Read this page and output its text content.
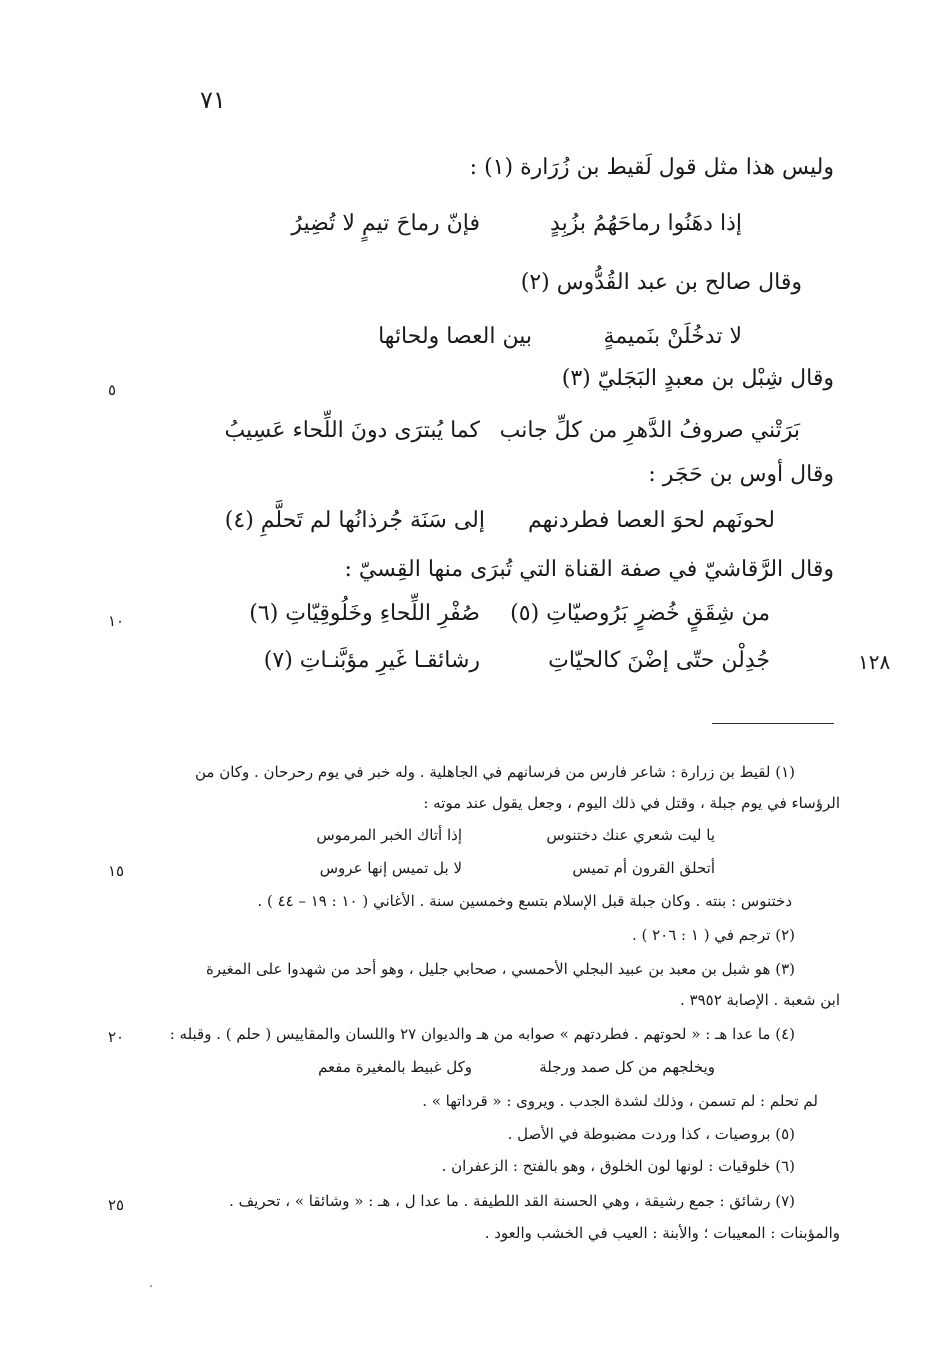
٧١
١٢٨
٥
١٠
١٥
٢٠
٢٥
وليس هذا مثل قول لَقيط بن زُرَارة (١) :
إذا دهَنُوا رماحَهُمُ بزُبِدٍ
فإنّ رماحَ تيمٍ لا تُضِيرُ
وقال صالح بن عبد القُدُّوس (٢)
لا تدخُلَنْ بنَميمةٍ
بين العصا ولحائها
وقال شِبْل بن معبدٍ البَجَليّ (٣)
بَرَتْني صروفُ الدَّهرِ من كلِّ جانب
كما يُبترَى دونَ اللِّحاء عَسِيبُ
وقال أوس بن حَجَر :
لحونَهم لحوَ العصا فطردنهم
إلى سَنَة جُرذانُها لم تَحلَّمِ (٤)
وقال الرَّقاشيّ في صفة القناة التي تُبرَى منها القِسيّ :
من شِقَقٍ خُضرٍ بَرُوصيّاتِ (٥)
صُفْرِ اللِّحاءِ وخَلُوقِيّاتِ (٦)
جُدِلْن حتّى إضْنَ كالحيّاتِ
رشائقـا غَيرِ مؤبَّنـاتِ (٧)
(١) لقيط بن زرارة : شاعر فارس من فرسانهم في الجاهلية . وله خبر في يوم رحرحان . وكان من
الرؤساء في يوم جبلة ، وقتل في ذلك اليوم ، وجعل يقول عند موته :
يا ليت شعري عنك دختنوس
إذا أتاك الخبر المرموس
أتحلق القرون أم تميس
لا بل تميس إنها عروس
دختنوس : بنته . وكان جبلة قبل الإسلام بتسع وخمسين سنة . الأغاني ( ١٠ : ١٩ – ٤٤ ) .
(٢) ترجم في ( ١ : ٢٠٦ ) .
(٣) هو شبل بن معبد بن عبيد البجلي الأحمسي ، صحابي جليل ، وهو أحد من شهدوا على المغيرة
ابن شعبة . الإصابة ٣٩٥٢ .
(٤) ما عدا هـ : « لحوتهم . فطردتهم » صوابه من هـ والديوان ٢٧ واللسان والمقاييس ( حلم ) . وقبله :
ويخلجهم من كل صمد ورجلة
وكل غبيط بالمغيرة مفعم
لم تحلم : لم تسمن ، وذلك لشدة الجدب . ويروى : « قرداتها » .
(٥) بروصيات ، كذا وردت مضبوطة في الأصل .
(٦) خلوقيات : لونها لون الخلوق ، وهو بالفتح : الزعفران .
(٧) رشائق : جمع رشيقة ، وهي الحسنة القد اللطيفة . ما عدا ل ، هـ : « وشائقا » ، تحريف .
والمؤبنات : المعيبات ؛ والأبنة : العيب في الخشب والعود .
